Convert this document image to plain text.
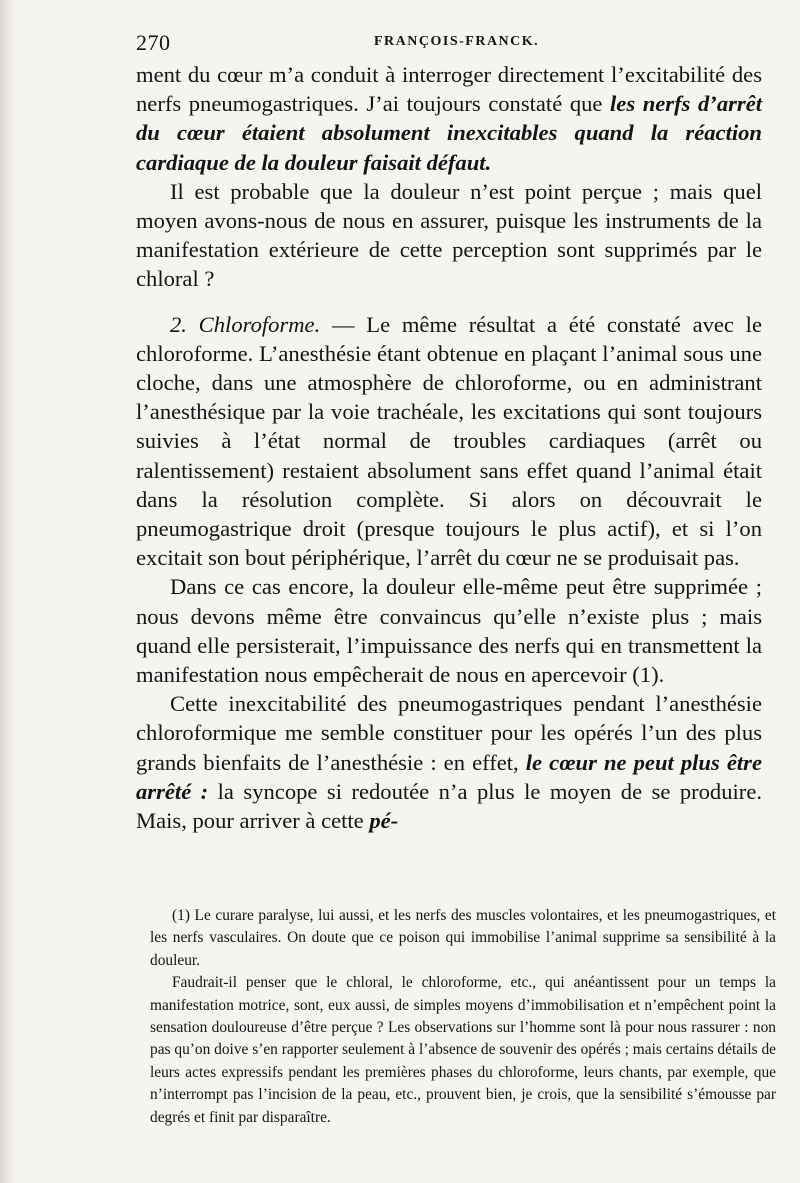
270	FRANÇOIS-FRANCK.

ment du cœur m’a conduit à interroger directement l’excitabilité des nerfs pneumogastriques. J’ai toujours constaté que les nerfs d’arrêt du cœur étaient absolument inexcitables quand la réaction cardiaque de la douleur faisait défaut.

Il est probable que la douleur n’est point perçue ; mais quel moyen avons-nous de nous en assurer, puisque les instruments de la manifestation extérieure de cette perception sont supprimés par le chloral ?

2. Chloroforme. — Le même résultat a été constaté avec le chloroforme. L’anesthésie étant obtenue en plaçant l’animal sous une cloche, dans une atmosphère de chloroforme, ou en administrant l’anesthésique par la voie trachéale, les excitations qui sont toujours suivies à l’état normal de troubles cardiaques (arrêt ou ralentissement) restaient absolument sans effet quand l’animal était dans la résolution complète. Si alors on découvrait le pneumogastrique droit (presque toujours le plus actif), et si l’on excitait son bout périphérique, l’arrêt du cœur ne se produisait pas.

Dans ce cas encore, la douleur elle-même peut être supprimée ; nous devons même être convaincus qu’elle n’existe plus ; mais quand elle persisterait, l’impuissance des nerfs qui en transmettent la manifestation nous empêcherait de nous en apercevoir (1).

Cette inexcitabilité des pneumogastriques pendant l’anesthésie chloroformique me semble constituer pour les opérés l’un des plus grands bienfaits de l’anesthésie : en effet, le cœur ne peut plus être arrêté : la syncope si redoutée n’a plus le moyen de se produire. Mais, pour arriver à cette pé-

(1) Le curare paralyse, lui aussi, et les nerfs des muscles volontaires, et les pneumogastriques, et les nerfs vasculaires. On doute que ce poison qui immobilise l’animal supprime sa sensibilité à la douleur.

Faudrait-il penser que le chloral, le chloroforme, etc., qui anéantissent pour un temps la manifestation motrice, sont, eux aussi, de simples moyens d’immobilisation et n’empêchent point la sensation douloureuse d’être perçue ? Les observations sur l’homme sont là pour nous rassurer : non pas qu’on doive s’en rapporter seulement à l’absence de souvenir des opérés ; mais certains détails de leurs actes expressifs pendant les premières phases du chloroforme, leurs chants, par exemple, que n’interrompt pas l’incision de la peau, etc., prouvent bien, je crois, que la sensibilité s’émousse par degrés et finit par disparaître.
